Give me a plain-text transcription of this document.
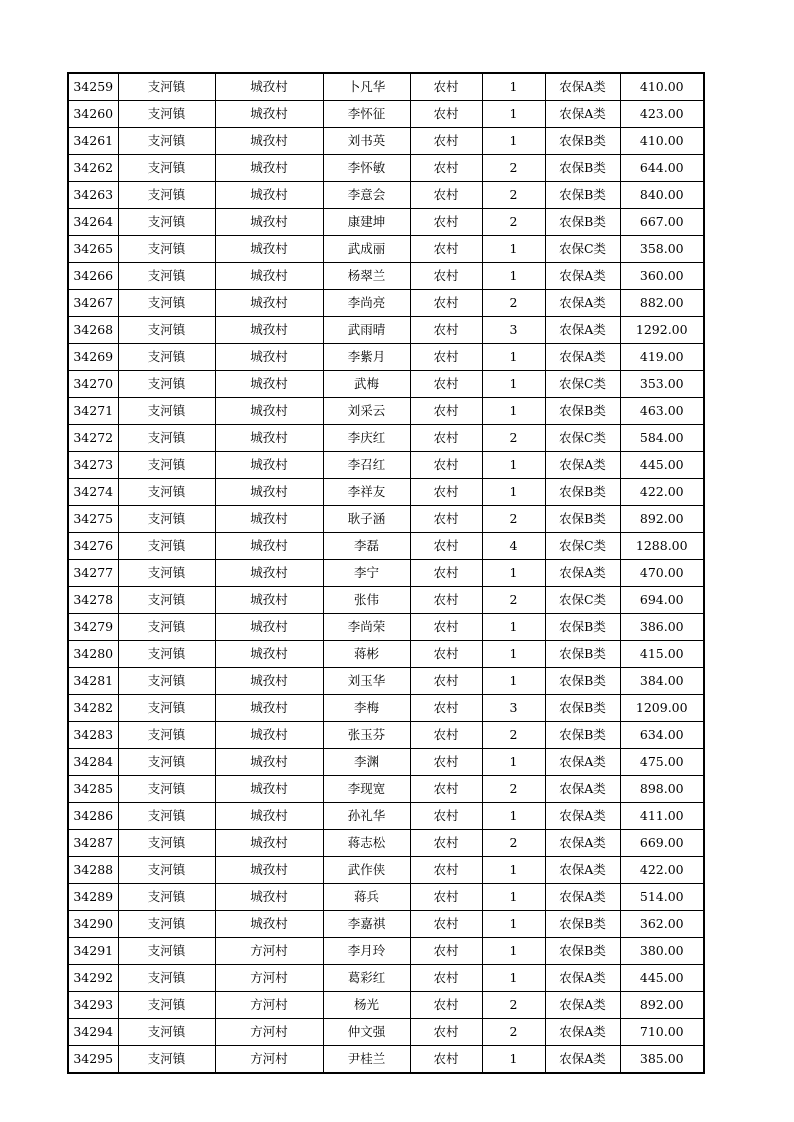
34259	支河镇	城孜村	卜凡华	农村	1	农保A类	410.00
34260	支河镇	城孜村	李怀征	农村	1	农保A类	423.00
34261	支河镇	城孜村	刘书英	农村	1	农保B类	410.00
34262	支河镇	城孜村	李怀敏	农村	2	农保B类	644.00
34263	支河镇	城孜村	李意会	农村	2	农保B类	840.00
34264	支河镇	城孜村	康建坤	农村	2	农保B类	667.00
34265	支河镇	城孜村	武成丽	农村	1	农保C类	358.00
34266	支河镇	城孜村	杨翠兰	农村	1	农保A类	360.00
34267	支河镇	城孜村	李尚亮	农村	2	农保A类	882.00
34268	支河镇	城孜村	武雨晴	农村	3	农保A类	1292.00
34269	支河镇	城孜村	李紫月	农村	1	农保A类	419.00
34270	支河镇	城孜村	武梅	农村	1	农保C类	353.00
34271	支河镇	城孜村	刘采云	农村	1	农保B类	463.00
34272	支河镇	城孜村	李庆红	农村	2	农保C类	584.00
34273	支河镇	城孜村	李召红	农村	1	农保A类	445.00
34274	支河镇	城孜村	李祥友	农村	1	农保B类	422.00
34275	支河镇	城孜村	耿子涵	农村	2	农保B类	892.00
34276	支河镇	城孜村	李磊	农村	4	农保C类	1288.00
34277	支河镇	城孜村	李宁	农村	1	农保A类	470.00
34278	支河镇	城孜村	张伟	农村	2	农保C类	694.00
34279	支河镇	城孜村	李尚荣	农村	1	农保B类	386.00
34280	支河镇	城孜村	蒋彬	农村	1	农保B类	415.00
34281	支河镇	城孜村	刘玉华	农村	1	农保B类	384.00
34282	支河镇	城孜村	李梅	农村	3	农保B类	1209.00
34283	支河镇	城孜村	张玉芬	农村	2	农保B类	634.00
34284	支河镇	城孜村	李渊	农村	1	农保A类	475.00
34285	支河镇	城孜村	李现宽	农村	2	农保A类	898.00
34286	支河镇	城孜村	孙礼华	农村	1	农保A类	411.00
34287	支河镇	城孜村	蒋志松	农村	2	农保A类	669.00
34288	支河镇	城孜村	武作侠	农村	1	农保A类	422.00
34289	支河镇	城孜村	蒋兵	农村	1	农保A类	514.00
34290	支河镇	城孜村	李嘉祺	农村	1	农保B类	362.00
34291	支河镇	方河村	李月玲	农村	1	农保B类	380.00
34292	支河镇	方河村	葛彩红	农村	1	农保A类	445.00
34293	支河镇	方河村	杨光	农村	2	农保A类	892.00
34294	支河镇	方河村	仲文强	农村	2	农保A类	710.00
34295	支河镇	方河村	尹桂兰	农村	1	农保A类	385.00
